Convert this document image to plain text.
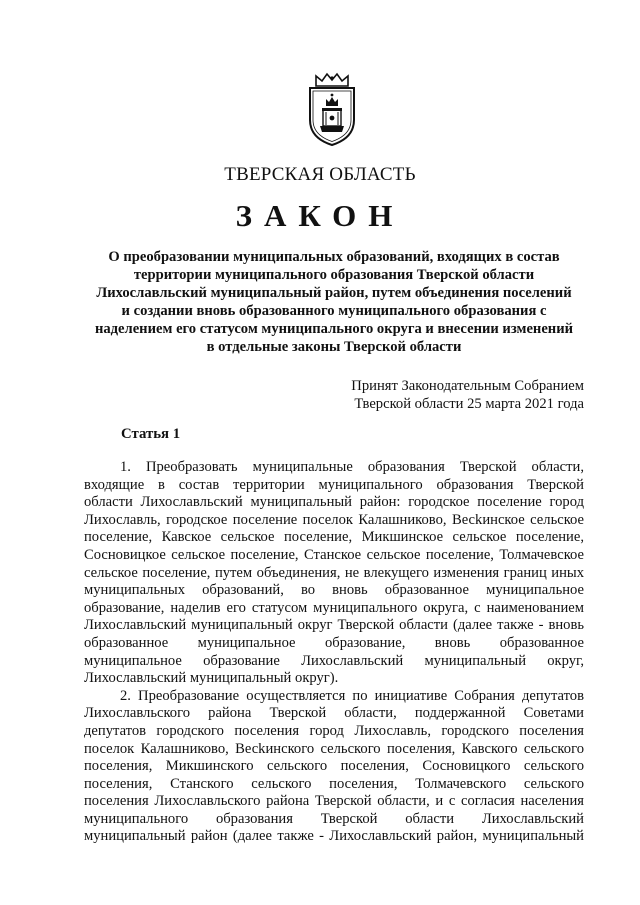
ТВЕРСКАЯ ОБЛАСТЬ
ЗАКОН
О преобразовании муниципальных образований, входящих в состав
территории муниципального образования Тверской области
Лихославльский муниципальный район, путем объединения поселений
и создании вновь образованного муниципального образования с
наделением его статусом муниципального округа и внесении изменений
в отдельные законы Тверской области
Принят Законодательным Собранием
Тверской области 25 марта 2021 года
Статья 1
1. Преобразовать муниципальные образования Тверской области,
входящие в состав территории муниципального образования Тверской
области Лихославльский муниципальный район: городское поселение город
Лихославль, городское поселение поселок Калашниково, Весkинское сельское
поселение, Кавское сельское поселение, Микшинское сельское поселение,
Сосновицкое сельское поселение, Станское сельское поселение, Толмачевское
сельское поселение, путем объединения, не влекущего изменения границ иных
муниципальных образований, во вновь образованное муниципальное
образование, наделив его статусом муниципального округа, с наименованием
Лихославльский муниципальный округ Тверской области (далее также - вновь
образованное муниципальное образование, вновь образованное
муниципальное образование Лихославльский муниципальный округ,
Лихославльский муниципальный округ).
2. Преобразование осуществляется по инициативе Собрания депутатов
Лихославльского района Тверской области, поддержанной Советами
депутатов городского поселения город Лихославль, городского поселения
поселок Калашниково, Весkинского сельского поселения, Кавского сельского
поселения, Микшинского сельского поселения, Сосновицкого сельского
поселения, Станского сельского поселения, Толмачевского сельского
поселения Лихославльского района Тверской области, и с согласия населения
муниципального образования Тверской области Лихославльский
муниципальный район (далее также - Лихославльский район, муниципальный
